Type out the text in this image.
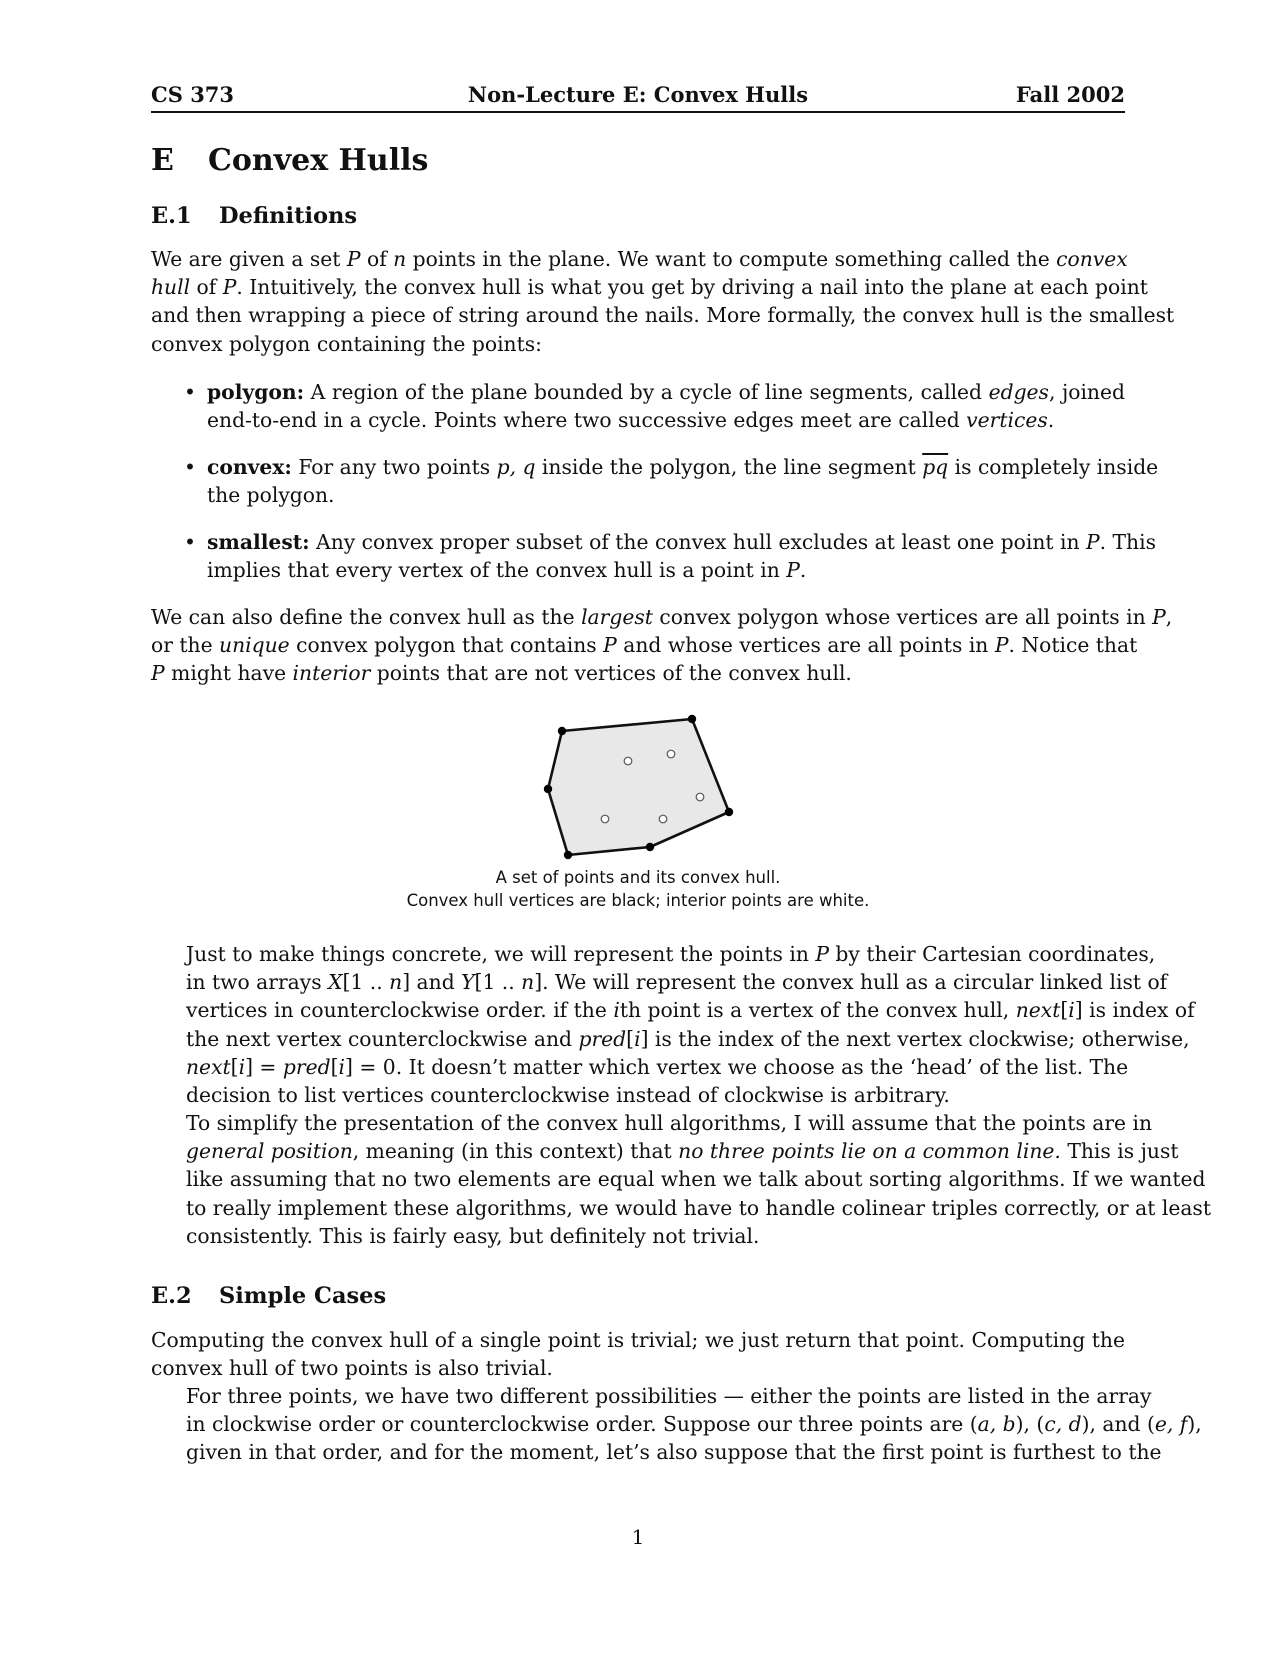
CS 373	Non-Lecture E: Convex Hulls	Fall 2002
E Convex Hulls
E.1 Definitions
We are given a set P of n points in the plane. We want to compute something called the convex
hull of P. Intuitively, the convex hull is what you get by driving a nail into the plane at each point
and then wrapping a piece of string around the nails. More formally, the convex hull is the smallest
convex polygon containing the points:
• polygon: A region of the plane bounded by a cycle of line segments, called edges, joined
end-to-end in a cycle. Points where two successive edges meet are called vertices.
• convex: For any two points p, q inside the polygon, the line segment $\overline{pq}$ is completely inside
the polygon.
• smallest: Any convex proper subset of the convex hull excludes at least one point in P. This
implies that every vertex of the convex hull is a point in P.
We can also define the convex hull as the largest convex polygon whose vertices are all points in P,
or the unique convex polygon that contains P and whose vertices are all points in P. Notice that
P might have interior points that are not vertices of the convex hull.
Just to make things concrete, we will represent the points in P by their Cartesian coordinates,
in two arrays X[1 .. n] and Y[1 .. n]. We will represent the convex hull as a circular linked list of
vertices in counterclockwise order. if the ith point is a vertex of the convex hull, next[i] is index of
the next vertex counterclockwise and pred[i] is the index of the next vertex clockwise; otherwise,
next[i] = pred[i] = 0. It doesn’t matter which vertex we choose as the ‘head’ of the list. The
decision to list vertices counterclockwise instead of clockwise is arbitrary.
To simplify the presentation of the convex hull algorithms, I will assume that the points are in
general position, meaning (in this context) that no three points lie on a common line. This is just
like assuming that no two elements are equal when we talk about sorting algorithms. If we wanted
to really implement these algorithms, we would have to handle colinear triples correctly, or at least
consistently. This is fairly easy, but definitely not trivial.
E.2 Simple Cases
Computing the convex hull of a single point is trivial; we just return that point. Computing the
convex hull of two points is also trivial.
For three points, we have two different possibilities — either the points are listed in the array
in clockwise order or counterclockwise order. Suppose our three points are (a, b), (c, d), and (e, f),
given in that order, and for the moment, let’s also suppose that the first point is furthest to the
1
A set of points and its convex hull.
Convex hull vertices are black; interior points are white.
